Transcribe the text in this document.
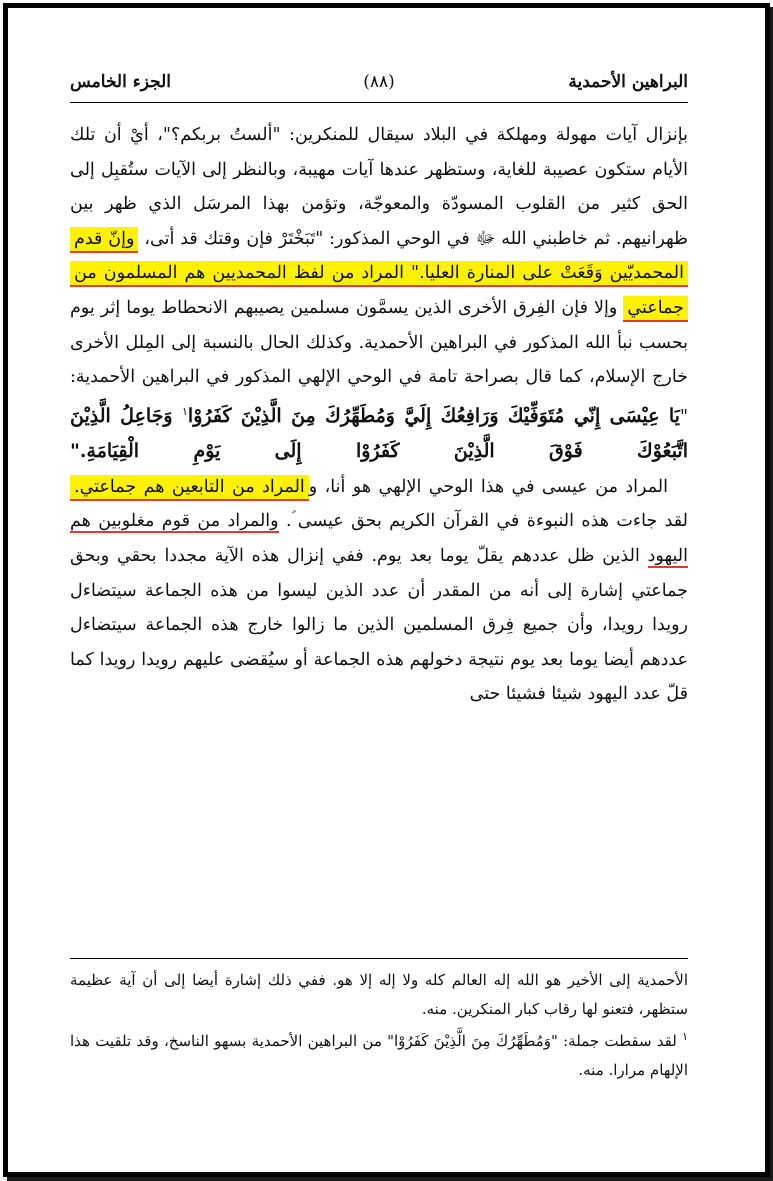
البراهين الأحمدية
(٨٨)
الجزء الخامس

بإنزال آيات مهولة ومهلكة في البلاد سيقال للمنكرين: "ألستُ بربكم؟"، أيْ أن تلك الأيام ستكون عصيبة للغاية، وستظهر عندها آيات مهيبة، وبالنظر إلى الآيات ستُقبِل إلى الحق كثير من القلوب المسودّة والمعوجّة، وتؤمن بهذا المرسَل الذي ظهر بين ظهرانيهم. ثم خاطبني الله ﷻ في الوحي المذكور: "تَبَخْتَرْ فإن وقتك قد أتى، وإنّ قدم المحمديّين وَقَعَتْ على المنارة العليا." المراد من لفظ المحمديين هم المسلمون من جماعتي وإلا فإن الفِرق الأخرى الذين يسمَّون مسلمين يصيبهم الانحطاط يوما إثر يوم بحسب نبأ الله المذكور في البراهين الأحمدية. وكذلك الحال بالنسبة إلى المِلل الأخرى خارج الإسلام، كما قال بصراحة تامة في الوحي الإلهي المذكور في البراهين الأحمدية: "يَا عِيْسَى إِنّي مُتَوَفِّيْكَ وَرَافِعُكَ إِلَيَّ وَمُطَهِّرُكَ مِنَ الَّذِيْنَ كَفَرُوْا$^١$ وَجَاعِلُ الَّذِيْنَ اتَّبَعُوْكَ فَوْقَ الَّذِيْنَ كَفَرُوْا إِلَى يَوْمِ الْقِيَامَةِ."

المراد من عيسى في هذا الوحي الإلهي هو أنا، والمراد من التابعين هم جماعتي. لقد جاءت هذه النبوءة في القرآن الكريم بحق عيسى ؑ. والمراد من قوم مغلوبين هم اليهود الذين ظل عددهم يقلّ يوما بعد يوم. ففي إنزال هذه الآية مجددا بحقي وبحق جماعتي إشارة إلى أنه من المقدر أن عدد الذين ليسوا من هذه الجماعة سيتضاءل رويدا رويدا، وأن جميع فِرق المسلمين الذين ما زالوا خارج هذه الجماعة سيتضاءل عددهم أيضا يوما بعد يوم نتيجة دخولهم هذه الجماعة أو سيُقضى عليهم رويدا رويدا كما قلّ عدد اليهود شيئا فشيئا حتى

الأحمدية إلى الأخير هو الله إله العالم كله ولا إله إلا هو. ففي ذلك إشارة أيضا إلى أن آية عظيمة ستظهر، فتعنو لها رقاب كبار المنكرين. منه.

$^١$ لقد سقطت جملة: "وَمُطَهِّرُكَ مِنَ الَّذِيْنَ كَفَرُوْا" من البراهين الأحمدية بسهو الناسخ، وقد تلقيت هذا الإلهام مرارا. منه.
